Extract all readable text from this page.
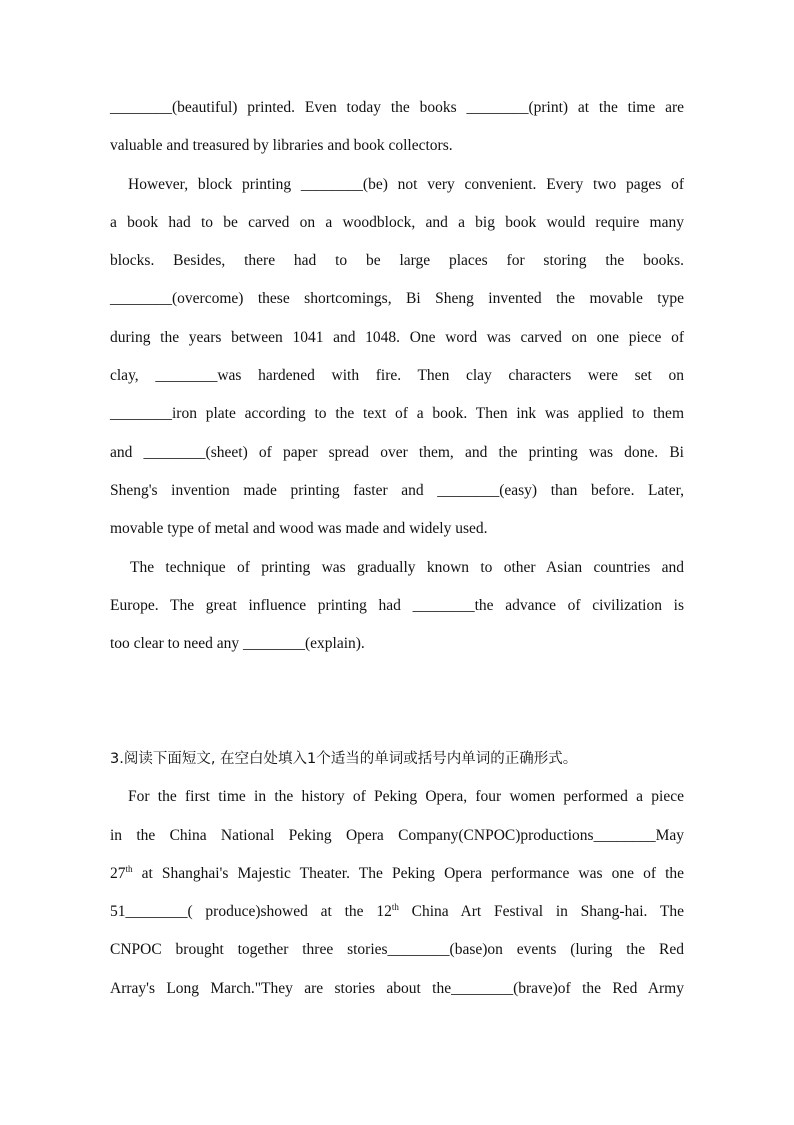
________(beautiful) printed. Even today the books ________(print) at the time are
valuable and treasured by libraries and book collectors.
However, block printing ________(be) not very convenient. Every two pages of
a book had to be carved on a woodblock, and a big book would require many
blocks. Besides, there had to be large places for storing the books.
________(overcome) these shortcomings, Bi Sheng invented the movable type
during the years between 1041 and 1048. One word was carved on one piece of
clay, ________was hardened with fire. Then clay characters were set on
________iron plate according to the text of a book. Then ink was applied to them
and ________(sheet) of paper spread over them, and the printing was done. Bi
Sheng's invention made printing faster and ________(easy) than before. Later,
movable type of metal and wood was made and widely used.
The technique of printing was gradually known to other Asian countries and
Europe. The great influence printing had ________the advance of civilization is
too clear to need any ________(explain).
3.阅读下面短文, 在空白处填入1个适当的单词或括号内单词的正确形式。
For the first time in the history of Peking Opera, four women performed a piece
in the China National Peking Opera Company(CNPOC)productions________May
27th at Shanghai's Majestic Theater. The Peking Opera performance was one of the
51________( produce)showed at the 12th China Art Festival in Shang-hai. The
CNPOC brought together three stories________(base)on events (luring the Red
Array's Long March."They are stories about the________(brave)of the Red Army
